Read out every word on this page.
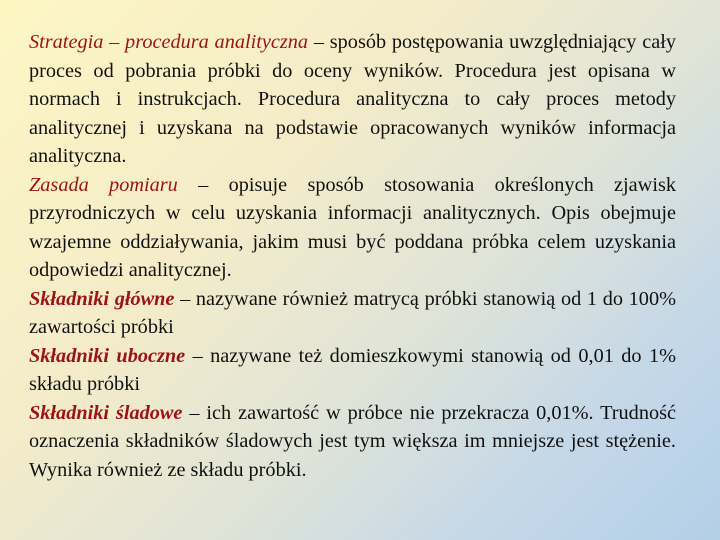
Strategia – procedura analityczna – sposób postępowania uwzględniający cały proces od pobrania próbki do oceny wyników. Procedura jest opisana w normach i instrukcjach. Procedura analityczna to cały proces metody analitycznej i uzyskana na podstawie opracowanych wyników informacja analityczna.

Zasada pomiaru – opisuje sposób stosowania określonych zjawisk przyrodniczych w celu uzyskania informacji analitycznych. Opis obejmuje wzajemne oddziaływania, jakim musi być poddana próbka celem uzyskania odpowiedzi analitycznej.

Składniki główne – nazywane również matrycą próbki stanowią od 1 do 100% zawartości próbki

Składniki uboczne – nazywane też domieszkowymi stanowią od 0,01 do 1% składu próbki

Składniki śladowe – ich zawartość w próbce nie przekracza 0,01%. Trudność oznaczenia składników śladowych jest tym większa im mniejsze jest stężenie. Wynika również ze składu próbki.
